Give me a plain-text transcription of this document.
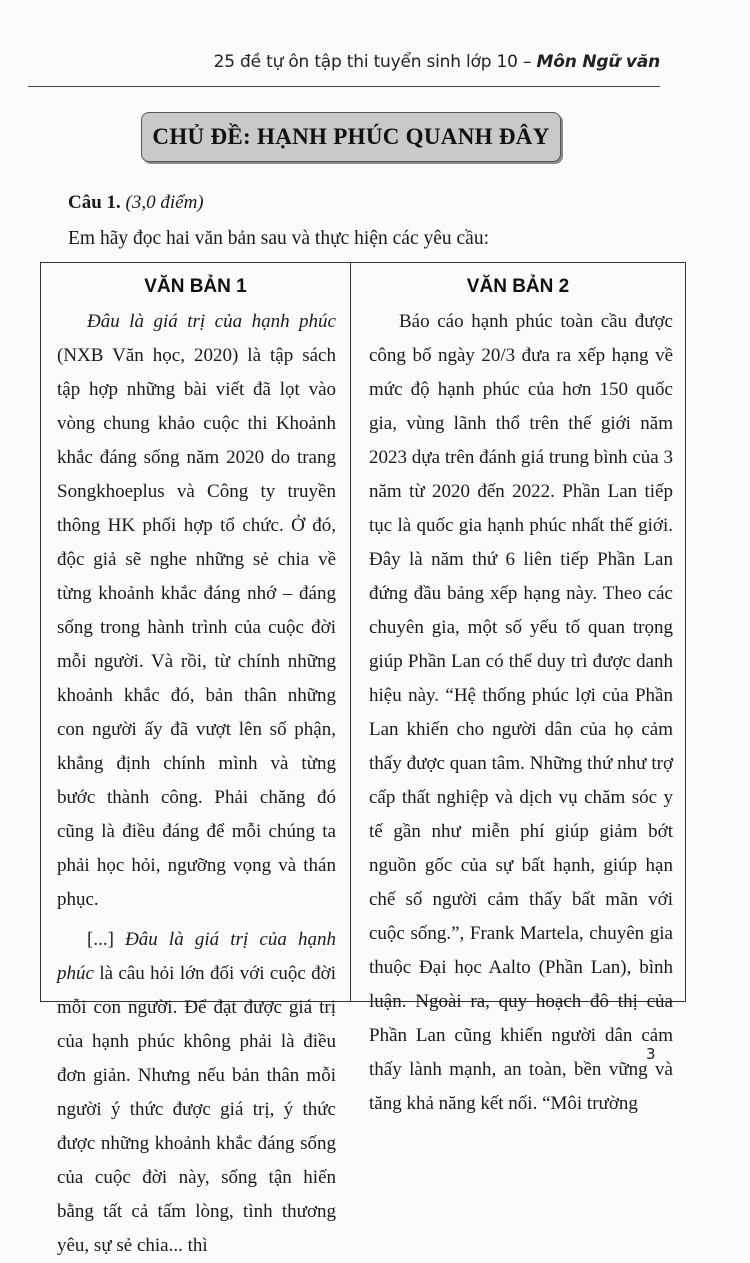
25 đề tự ôn tập thi tuyển sinh lớp 10 – Môn Ngữ văn
CHỦ ĐỀ: HẠNH PHÚC QUANH ĐÂY
Câu 1. (3,0 điểm)
Em hãy đọc hai văn bản sau và thực hiện các yêu cầu:
VĂN BẢN 1

Đâu là giá trị của hạnh phúc (NXB Văn học, 2020) là tập sách tập hợp những bài viết đã lọt vào vòng chung khảo cuộc thi Khoảnh khắc đáng sống năm 2020 do trang Songkhoeplus và Công ty truyền thông HK phối hợp tổ chức. Ở đó, độc giả sẽ nghe những sẻ chia về từng khoảnh khắc đáng nhớ – đáng sống trong hành trình của cuộc đời mỗi người. Và rồi, từ chính những khoảnh khắc đó, bản thân những con người ấy đã vượt lên số phận, khẳng định chính mình và từng bước thành công. Phải chăng đó cũng là điều đáng để mỗi chúng ta phải học hỏi, ngưỡng vọng và thán phục.

[...] Đâu là giá trị của hạnh phúc là câu hỏi lớn đối với cuộc đời mỗi con người. Để đạt được giá trị của hạnh phúc không phải là điều đơn giản. Nhưng nếu bản thân mỗi người ý thức được giá trị, ý thức được những khoảnh khắc đáng sống của cuộc đời này, sống tận hiến bằng tất cả tấm lòng, tình thương yêu, sự sẻ chia... thì

VĂN BẢN 2

Báo cáo hạnh phúc toàn cầu được công bố ngày 20/3 đưa ra xếp hạng về mức độ hạnh phúc của hơn 150 quốc gia, vùng lãnh thổ trên thế giới năm 2023 dựa trên đánh giá trung bình của 3 năm từ 2020 đến 2022. Phần Lan tiếp tục là quốc gia hạnh phúc nhất thế giới. Đây là năm thứ 6 liên tiếp Phần Lan đứng đầu bảng xếp hạng này. Theo các chuyên gia, một số yếu tố quan trọng giúp Phần Lan có thể duy trì được danh hiệu này. “Hệ thống phúc lợi của Phần Lan khiến cho người dân của họ cảm thấy được quan tâm. Những thứ như trợ cấp thất nghiệp và dịch vụ chăm sóc y tế gần như miễn phí giúp giảm bớt nguồn gốc của sự bất hạnh, giúp hạn chế số người cảm thấy bất mãn với cuộc sống.”, Frank Martela, chuyên gia thuộc Đại học Aalto (Phần Lan), bình luận. Ngoài ra, quy hoạch đô thị của Phần Lan cũng khiến người dân cảm thấy lành mạnh, an toàn, bền vững và tăng khả năng kết nối. “Môi trường

3
